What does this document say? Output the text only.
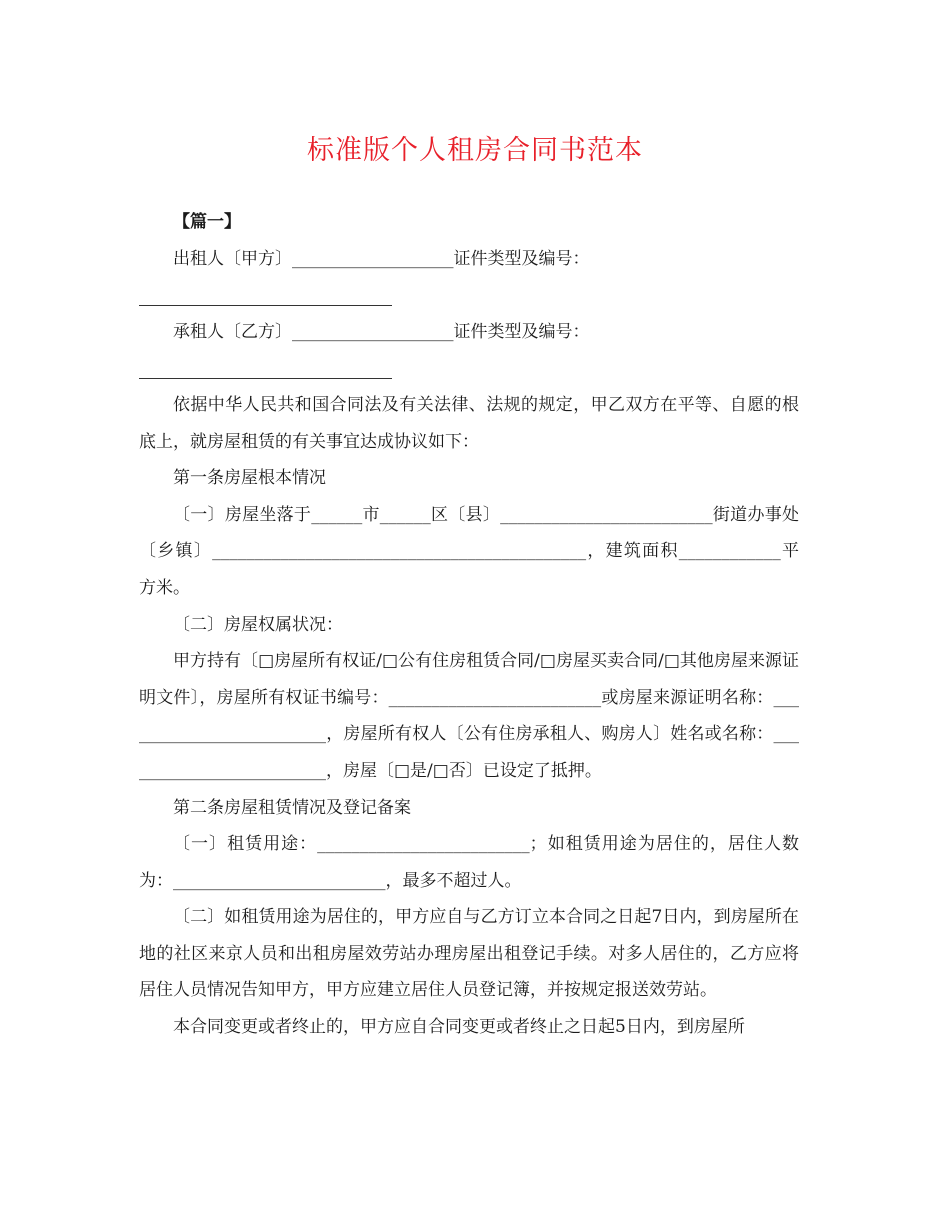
标准版个人租房合同书范本

【篇一】

出租人〔甲方〕___________________证件类型及编号：

承租人〔乙方〕___________________证件类型及编号：

依据中华人民共和国合同法及有关法律、法规的规定，甲乙双方在平等、自愿的根底上，就房屋租赁的有关事宜达成协议如下：

第一条房屋根本情况

〔一〕房屋坐落于______市______区〔县〕_________________________街道办事处〔乡镇〕____________________________________________，建筑面积____________平方米。

〔二〕房屋权属状况：

甲方持有〔□房屋所有权证/□公有住房租赁合同/□房屋买卖合同/□其他房屋来源证明文件〕，房屋所有权证书编号：_________________________或房屋来源证明名称：_________________________，房屋所有权人〔公有住房承租人、购房人〕姓名或名称：_________________________，房屋〔□是/□否〕已设定了抵押。

第二条房屋租赁情况及登记备案

〔一〕租赁用途：_________________________；如租赁用途为居住的，居住人数为：_________________________，最多不超过人。

〔二〕如租赁用途为居住的，甲方应自与乙方订立本合同之日起7日内，到房屋所在地的社区来京人员和出租房屋效劳站办理房屋出租登记手续。对多人居住的，乙方应将居住人员情况告知甲方，甲方应建立居住人员登记簿，并按规定报送效劳站。

本合同变更或者终止的，甲方应自合同变更或者终止之日起5日内，到房屋所
